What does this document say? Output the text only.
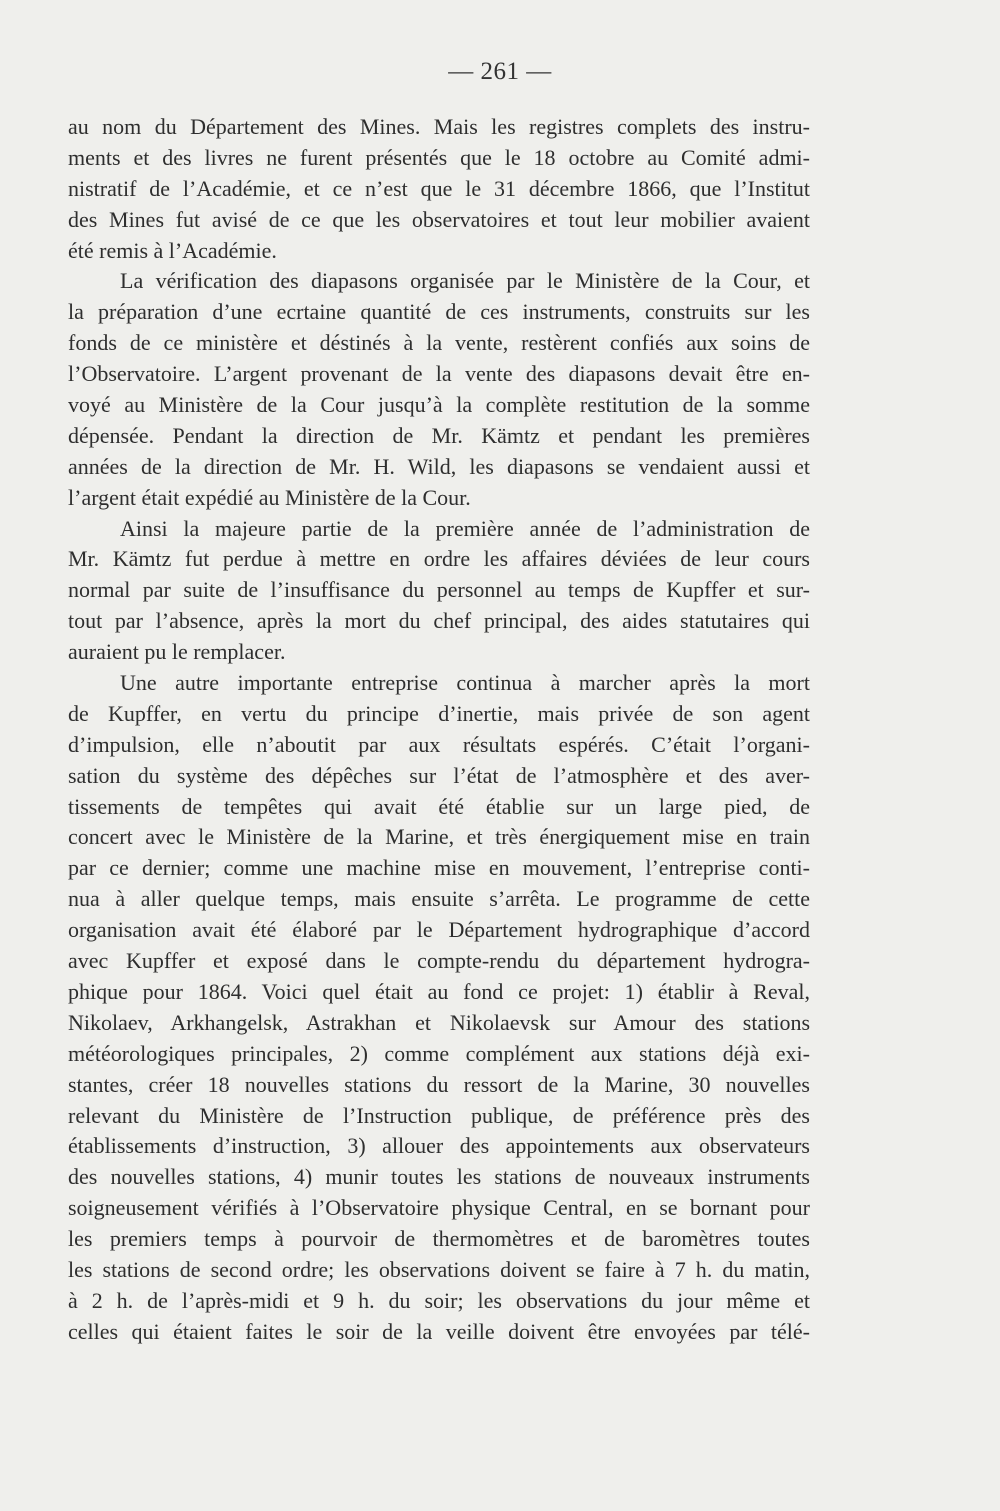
— 261 —
au nom du Département des Mines. Mais les registres complets des instru-
ments et des livres ne furent présentés que le 18 octobre au Comité admi-
nistratif de l’Académie, et ce n’est que le 31 décembre 1866, que l’Institut
des Mines fut avisé de ce que les observatoires et tout leur mobilier avaient
été remis à l’Académie.
La vérification des diapasons organisée par le Ministère de la Cour, et
la préparation d’une ecrtaine quantité de ces instruments, construits sur les
fonds de ce ministère et déstinés à la vente, restèrent confiés aux soins de
l’Observatoire. L’argent provenant de la vente des diapasons devait être en-
voyé au Ministère de la Cour jusqu’à la complète restitution de la somme
dépensée. Pendant la direction de Mr. Kämtz et pendant les premières
années de la direction de Mr. H. Wild, les diapasons se vendaient aussi et
l’argent était expédié au Ministère de la Cour.
Ainsi la majeure partie de la première année de l’administration de
Mr. Kämtz fut perdue à mettre en ordre les affaires déviées de leur cours
normal par suite de l’insuffisance du personnel au temps de Kupffer et sur-
tout par l’absence, après la mort du chef principal, des aides statutaires qui
auraient pu le remplacer.
Une autre importante entreprise continua à marcher après la mort
de Kupffer, en vertu du principe d’inertie, mais privée de son agent
d’impulsion, elle n’aboutit par aux résultats espérés. C’était l’organi-
sation du système des dépêches sur l’état de l’atmosphère et des aver-
tissements de tempêtes qui avait été établie sur un large pied, de
concert avec le Ministère de la Marine, et très énergiquement mise en train
par ce dernier; comme une machine mise en mouvement, l’entreprise conti-
nua à aller quelque temps, mais ensuite s’arrêta. Le programme de cette
organisation avait été élaboré par le Département hydrographique d’accord
avec Kupffer et exposé dans le compte-rendu du département hydrogra-
phique pour 1864. Voici quel était au fond ce projet: 1) établir à Reval,
Nikolaev, Arkhangelsk, Astrakhan et Nikolaevsk sur Amour des stations
météorologiques principales, 2) comme complément aux stations déjà exi-
stantes, créer 18 nouvelles stations du ressort de la Marine, 30 nouvelles
relevant du Ministère de l’Instruction publique, de préférence près des
établissements d’instruction, 3) allouer des appointements aux observateurs
des nouvelles stations, 4) munir toutes les stations de nouveaux instruments
soigneusement vérifiés à l’Observatoire physique Central, en se bornant pour
les premiers temps à pourvoir de thermomètres et de baromètres toutes
les stations de second ordre; les observations doivent se faire à 7 h. du matin,
à 2 h. de l’après-midi et 9 h. du soir; les observations du jour même et
celles qui étaient faites le soir de la veille doivent être envoyées par télé-
